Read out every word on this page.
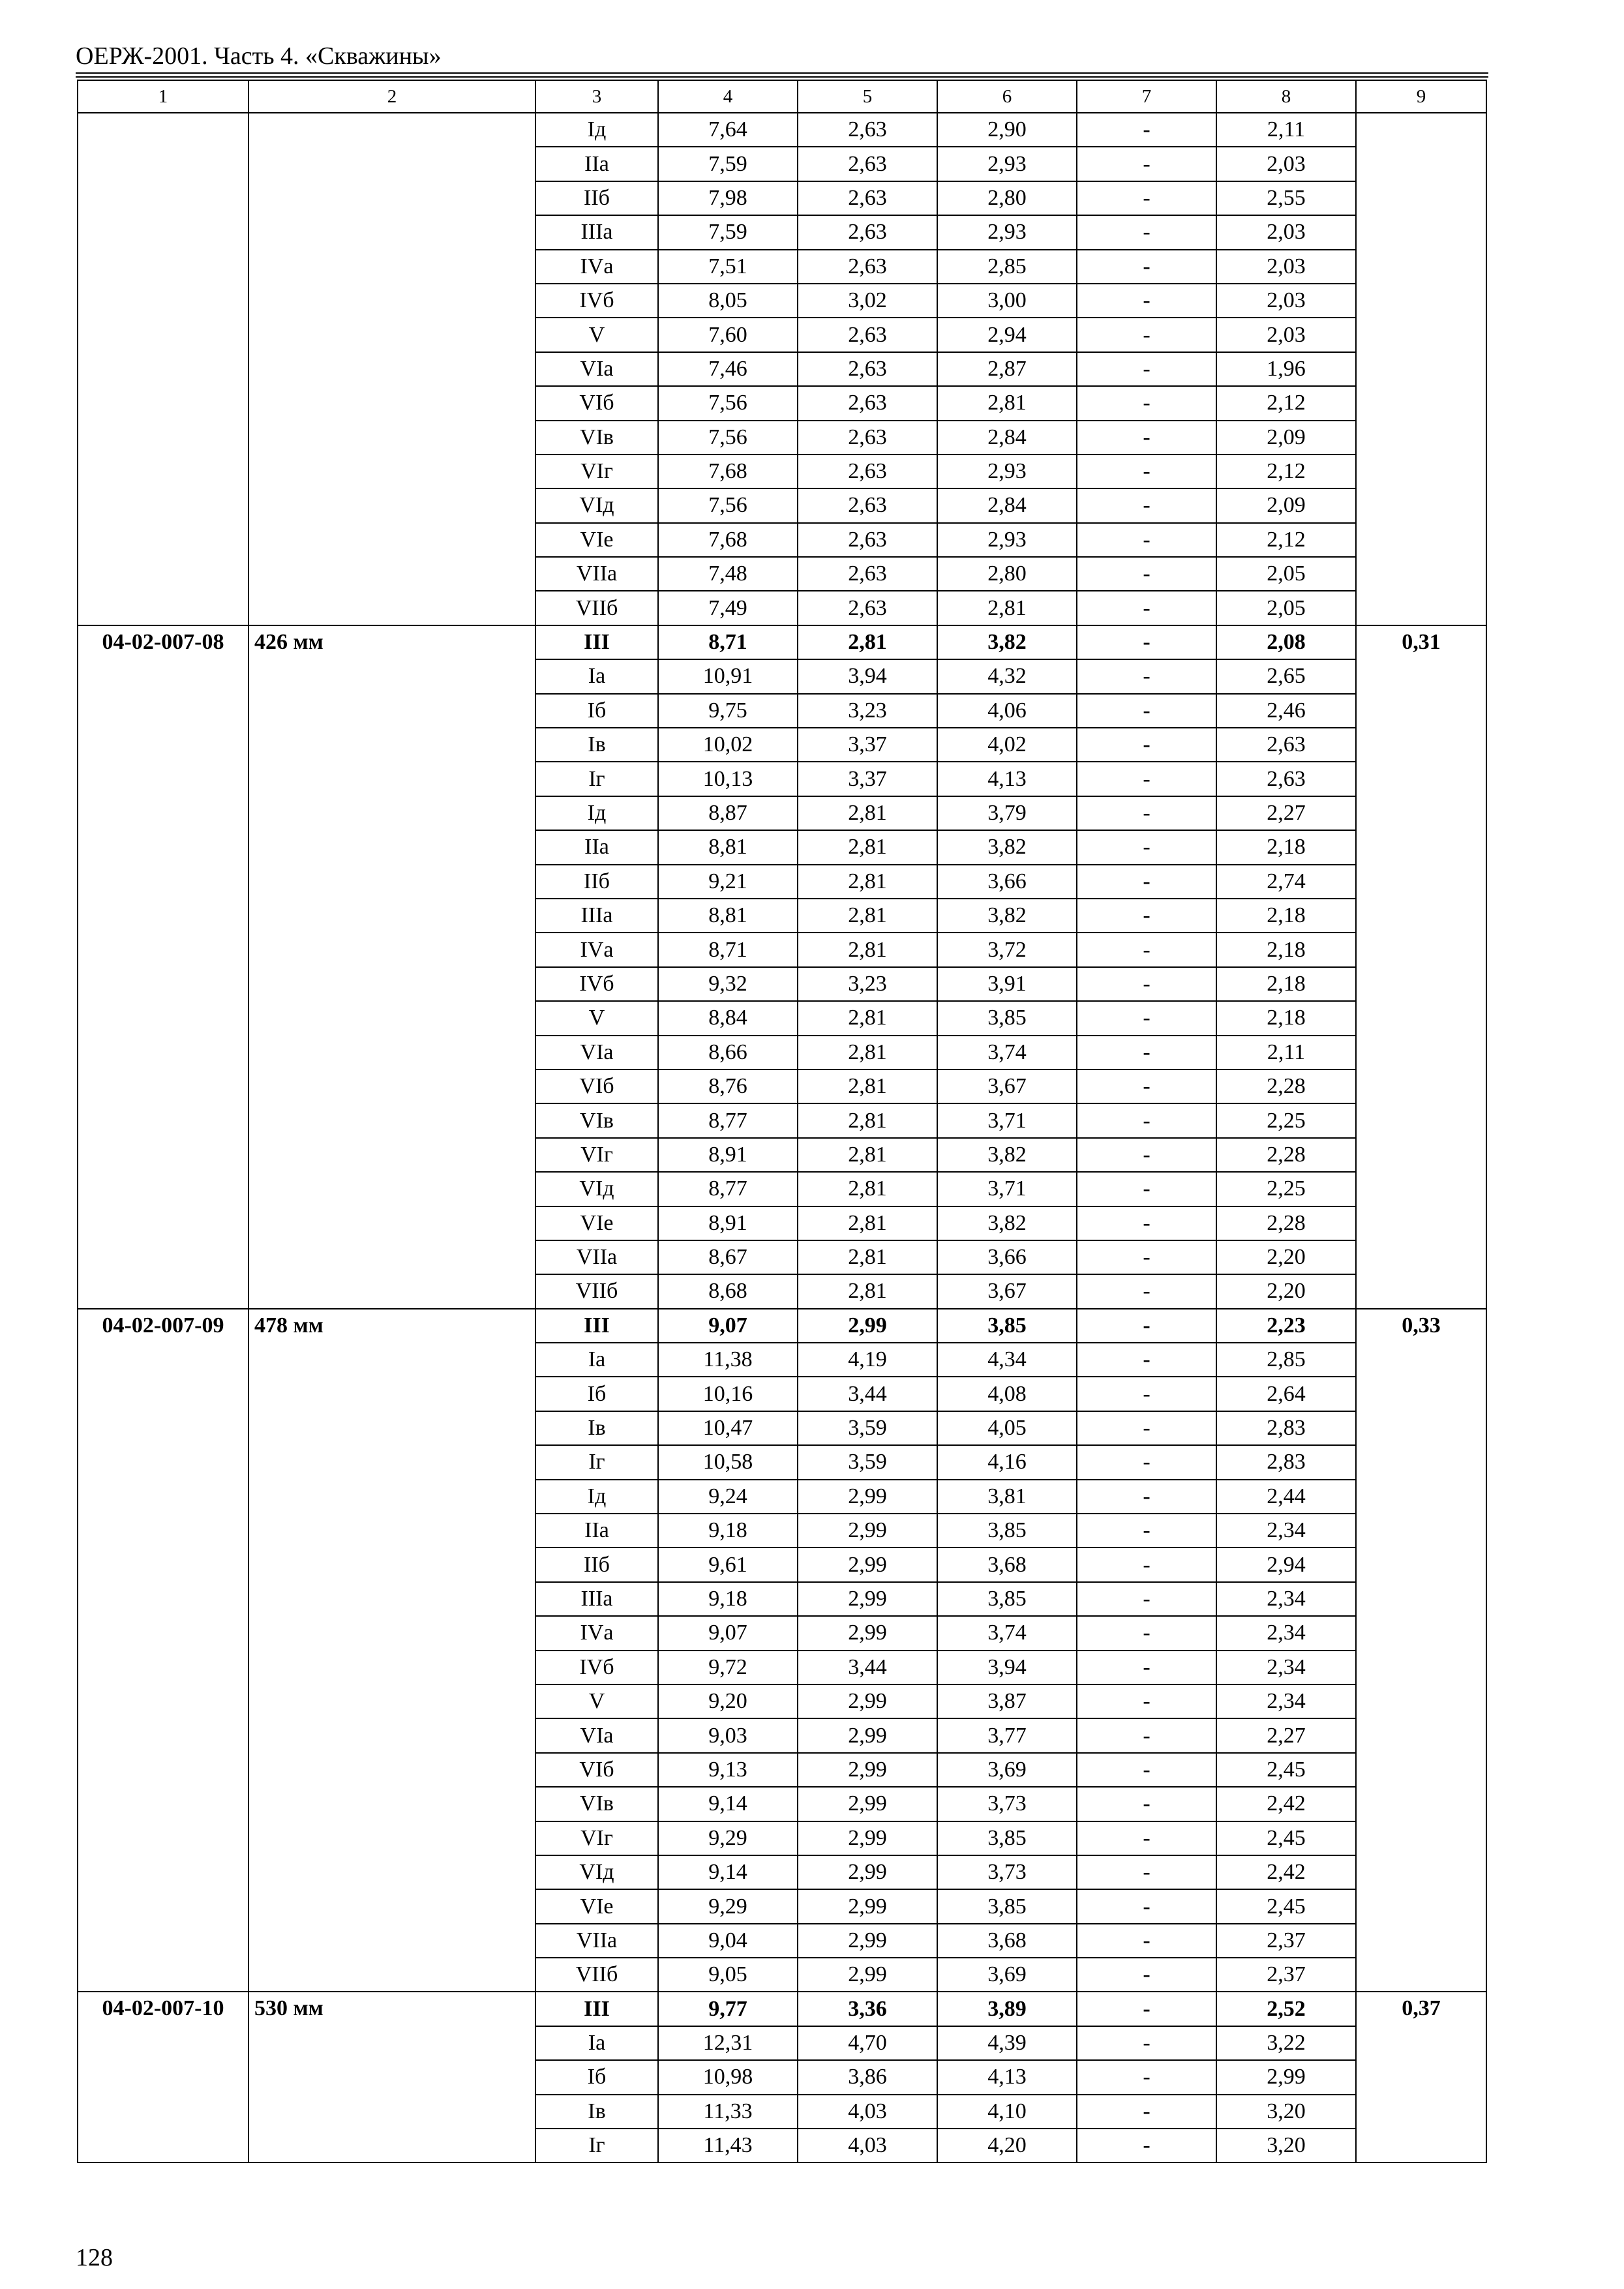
ОЕРЖ-2001. Часть 4. «Скважины»
1	2	3	4	5	6	7	8	9
		Iд	7,64	2,63	2,90	-	2,11	
		IIа	7,59	2,63	2,93	-	2,03	
		IIб	7,98	2,63	2,80	-	2,55	
		IIIа	7,59	2,63	2,93	-	2,03	
		IVа	7,51	2,63	2,85	-	2,03	
		IVб	8,05	3,02	3,00	-	2,03	
		V	7,60	2,63	2,94	-	2,03	
		VIа	7,46	2,63	2,87	-	1,96	
		VIб	7,56	2,63	2,81	-	2,12	
		VIв	7,56	2,63	2,84	-	2,09	
		VIг	7,68	2,63	2,93	-	2,12	
		VIд	7,56	2,63	2,84	-	2,09	
		VIе	7,68	2,63	2,93	-	2,12	
		VIIа	7,48	2,63	2,80	-	2,05	
		VIIб	7,49	2,63	2,81	-	2,05	
04-02-007-08	426 мм	III	8,71	2,81	3,82	-	2,08	0,31
		Iа	10,91	3,94	4,32	-	2,65	
		Iб	9,75	3,23	4,06	-	2,46	
		Iв	10,02	3,37	4,02	-	2,63	
		Iг	10,13	3,37	4,13	-	2,63	
		Iд	8,87	2,81	3,79	-	2,27	
		IIа	8,81	2,81	3,82	-	2,18	
		IIб	9,21	2,81	3,66	-	2,74	
		IIIа	8,81	2,81	3,82	-	2,18	
		IVа	8,71	2,81	3,72	-	2,18	
		IVб	9,32	3,23	3,91	-	2,18	
		V	8,84	2,81	3,85	-	2,18	
		VIа	8,66	2,81	3,74	-	2,11	
		VIб	8,76	2,81	3,67	-	2,28	
		VIв	8,77	2,81	3,71	-	2,25	
		VIг	8,91	2,81	3,82	-	2,28	
		VIд	8,77	2,81	3,71	-	2,25	
		VIе	8,91	2,81	3,82	-	2,28	
		VIIа	8,67	2,81	3,66	-	2,20	
		VIIб	8,68	2,81	3,67	-	2,20	
04-02-007-09	478 мм	III	9,07	2,99	3,85	-	2,23	0,33
		Iа	11,38	4,19	4,34	-	2,85	
		Iб	10,16	3,44	4,08	-	2,64	
		Iв	10,47	3,59	4,05	-	2,83	
		Iг	10,58	3,59	4,16	-	2,83	
		Iд	9,24	2,99	3,81	-	2,44	
		IIа	9,18	2,99	3,85	-	2,34	
		IIб	9,61	2,99	3,68	-	2,94	
		IIIа	9,18	2,99	3,85	-	2,34	
		IVа	9,07	2,99	3,74	-	2,34	
		IVб	9,72	3,44	3,94	-	2,34	
		V	9,20	2,99	3,87	-	2,34	
		VIа	9,03	2,99	3,77	-	2,27	
		VIб	9,13	2,99	3,69	-	2,45	
		VIв	9,14	2,99	3,73	-	2,42	
		VIг	9,29	2,99	3,85	-	2,45	
		VIд	9,14	2,99	3,73	-	2,42	
		VIе	9,29	2,99	3,85	-	2,45	
		VIIа	9,04	2,99	3,68	-	2,37	
		VIIб	9,05	2,99	3,69	-	2,37	
04-02-007-10	530 мм	III	9,77	3,36	3,89	-	2,52	0,37
		Iа	12,31	4,70	4,39	-	3,22	
		Iб	10,98	3,86	4,13	-	2,99	
		Iв	11,33	4,03	4,10	-	3,20	
		Iг	11,43	4,03	4,20	-	3,20	
128
